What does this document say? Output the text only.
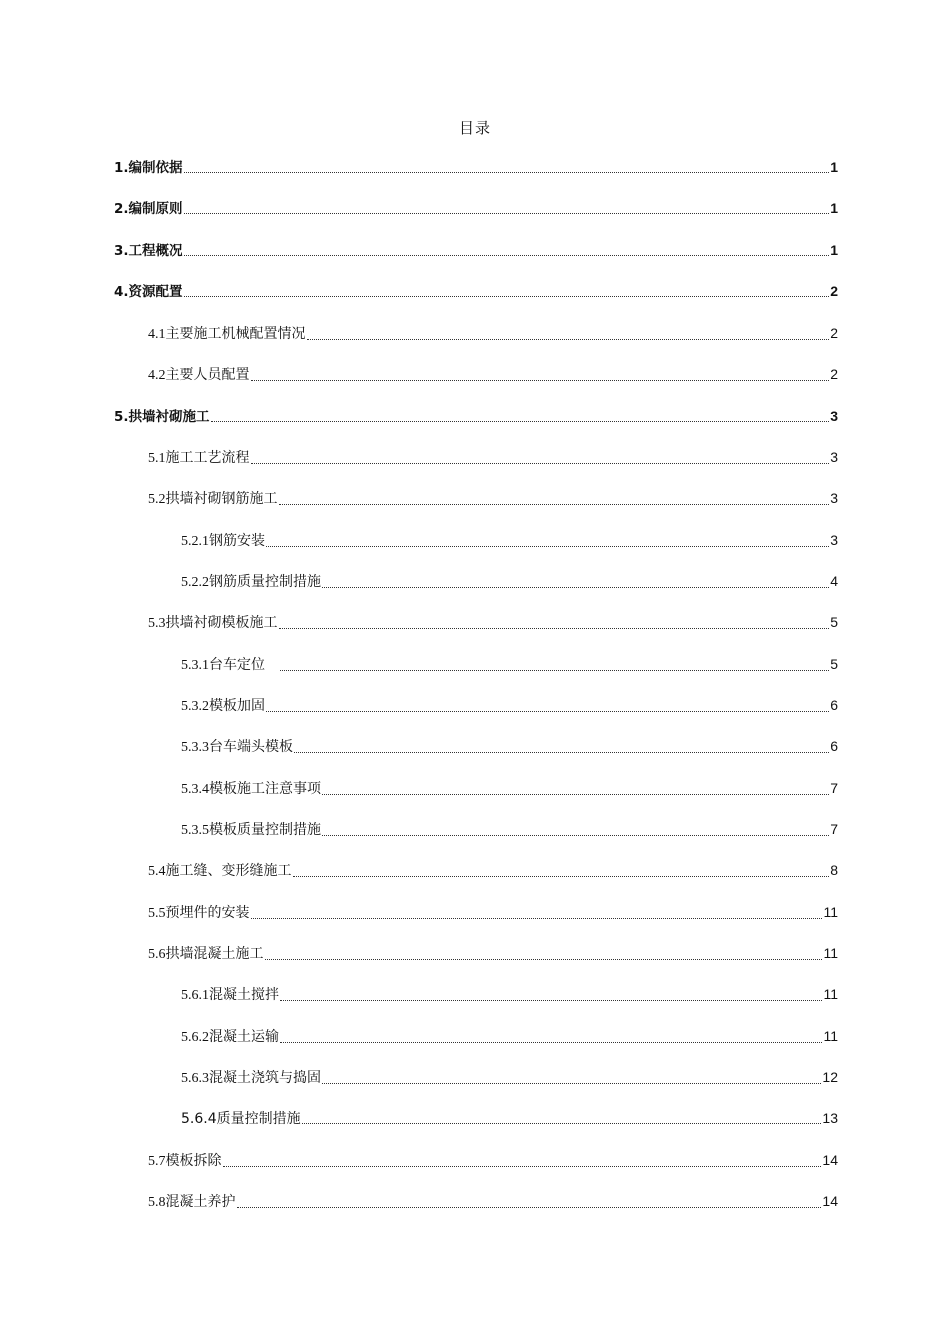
目录
1.编制依据	1
2.编制原则	1
3.工程概况	1
4.资源配置	2
4.1主要施工机械配置情况	2
4.2主要人员配置	2
5.拱墙衬砌施工	3
5.1施工工艺流程	3
5.2拱墙衬砌钢筋施工	3
5.2.1钢筋安装	3
5.2.2钢筋质量控制措施	4
5.3拱墙衬砌模板施工	5
5.3.1台车定位　	5
5.3.2模板加固	6
5.3.3台车端头模板	6
5.3.4模板施工注意事项	7
5.3.5模板质量控制措施	7
5.4施工缝、变形缝施工	8
5.5预埋件的安装	11
5.6拱墙混凝土施工	11
5.6.1混凝土搅拌	11
5.6.2混凝土运输	11
5.6.3混凝土浇筑与捣固	12
5.6.4质量控制措施	13
5.7模板拆除	14
5.8混凝土养护	14
